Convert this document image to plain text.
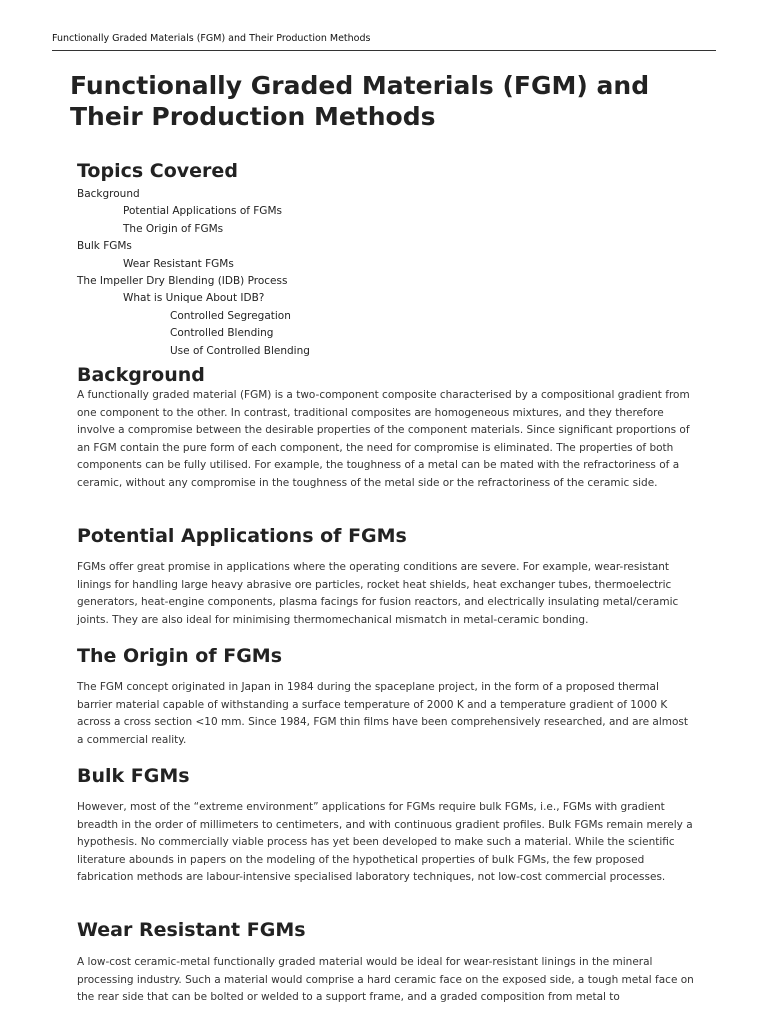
Functionally Graded Materials (FGM) and Their Production Methods
Functionally Graded Materials (FGM) and Their Production Methods
Topics Covered
Background
Potential Applications of FGMs
The Origin of FGMs
Bulk FGMs
Wear Resistant FGMs
The Impeller Dry Blending (IDB) Process
What is Unique About IDB?
Controlled Segregation
Controlled Blending
Use of Controlled Blending
Background

A functionally graded material (FGM) is a two-component composite characterised by a compositional gradient from one component to the other. In contrast, traditional composites are homogeneous mixtures, and they therefore involve a compromise between the desirable properties of the component materials. Since significant proportions of an FGM contain the pure form of each component, the need for compromise is eliminated. The properties of both components can be fully utilised. For example, the toughness of a metal can be mated with the refractoriness of a ceramic, without any compromise in the toughness of the metal side or the refractoriness of the ceramic side.

Potential Applications of FGMs

FGMs offer great promise in applications where the operating conditions are severe. For example, wear-resistant linings for handling large heavy abrasive ore particles, rocket heat shields, heat exchanger tubes, thermoelectric generators, heat-engine components, plasma facings for fusion reactors, and electrically insulating metal/ceramic joints. They are also ideal for minimising thermomechanical mismatch in metal-ceramic bonding.

The Origin of FGMs

The FGM concept originated in Japan in 1984 during the spaceplane project, in the form of a proposed thermal barrier material capable of withstanding a surface temperature of 2000 K and a temperature gradient of 1000 K across a cross section <10 mm. Since 1984, FGM thin films have been comprehensively researched, and are almost a commercial reality.

Bulk FGMs

However, most of the “extreme environment” applications for FGMs require bulk FGMs, i.e., FGMs with gradient breadth in the order of millimeters to centimeters, and with continuous gradient profiles. Bulk FGMs remain merely a hypothesis. No commercially viable process has yet been developed to make such a material. While the scientific literature abounds in papers on the modeling of the hypothetical properties of bulk FGMs, the few proposed fabrication methods are labour-intensive specialised laboratory techniques, not low-cost commercial processes.

Wear Resistant FGMs

A low-cost ceramic-metal functionally graded material would be ideal for wear-resistant linings in the mineral processing industry. Such a material would comprise a hard ceramic face on the exposed side, a tough metal face on the rear side that can be bolted or welded to a support frame, and a graded composition from metal to
